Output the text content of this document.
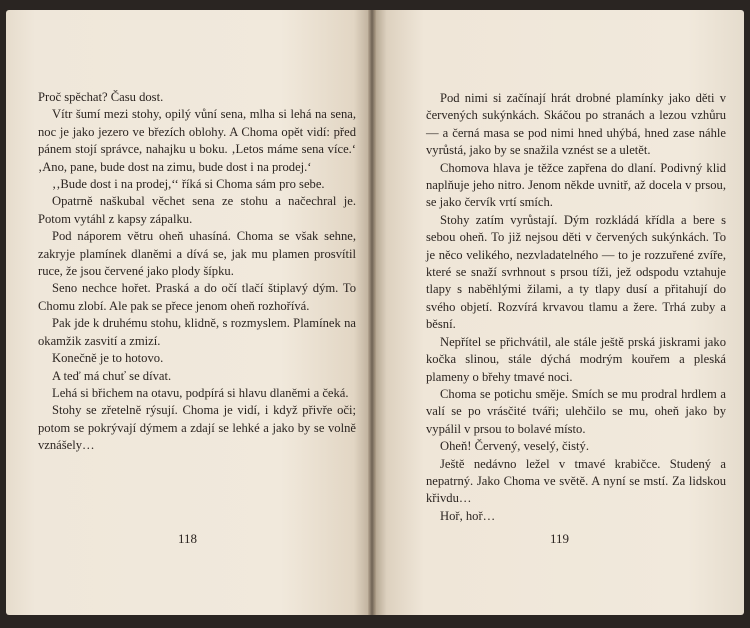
Proč spěchat? Času dost.

Vítr šumí mezi stohy, opilý vůní sena, mlha si lehá na sena, noc je jako jezero ve březích oblohy. A Choma opět vidí: před pánem stojí správce, nahajku u boku. ‚Letos máme sena více.‘ ‚Ano, pane, bude dost na zimu, bude dost i na prodej.‘

‚‚Bude dost i na prodej,‘‘ říká si Choma sám pro sebe.

Opatrně naškubal věchet sena ze stohu a načechral je. Potom vytáhl z kapsy zápalku.

Pod náporem větru oheň uhasíná. Choma se však sehne, zakryje plamínek dlaněmi a dívá se, jak mu plamen prosvítil ruce, že jsou červené jako plody šípku.

Seno nechce hořet. Praská a do očí tlačí štiplavý dým. To Chomu zlobí. Ale pak se přece jenom oheň rozhořívá.

Pak jde k druhému stohu, klidně, s rozmyslem. Plamínek na okamžik zasvití a zmizí.

Konečně je to hotovo.

A teď má chuť se dívat.

Lehá si břichem na otavu, podpírá si hlavu dlaněmi a čeká.

Stohy se zřetelně rýsují. Choma je vidí, i když přivře oči; potom se pokrývají dýmem a zdají se lehké a jako by se volně vznášely…

118

Pod nimi si začínají hrát drobné plamínky jako děti v červených sukýnkách. Skáčou po stranách a lezou vzhůru — a černá masa se pod nimi hned uhýbá, hned zase náhle vyrůstá, jako by se snažila vznést se a uletět.

Chomova hlava je těžce zapřena do dlaní. Podivný klid naplňuje jeho nitro. Jenom někde uvnitř, až docela v prsou, se jako červík vrtí smích.

Stohy zatím vyrůstají. Dým rozkládá křídla a bere s sebou oheň. To již nejsou děti v červených sukýnkách. To je něco velikého, nezvladatelného — to je rozzuřené zvíře, které se snaží svrhnout s prsou tíži, jež odspodu vztahuje tlapy s naběhlými žilami, a ty tlapy dusí a přitahují do svého objetí. Rozvírá krvavou tlamu a žere. Trhá zuby a běsní.

Nepřítel se přichvátil, ale stále ještě prská jiskrami jako kočka slinou, stále dýchá modrým kouřem a pleská plameny o břehy tmavé noci.

Choma se potichu směje. Smích se mu prodral hrdlem a valí se po vrásčité tváři; ulehčilo se mu, oheň jako by vypálil v prsou to bolavé místo.

Oheň! Červený, veselý, čistý.

Ještě nedávno ležel v tmavé krabičce. Studený a nepatrný. Jako Choma ve světě. A nyní se mstí. Za lidskou křivdu…

Hoř, hoř…

119
